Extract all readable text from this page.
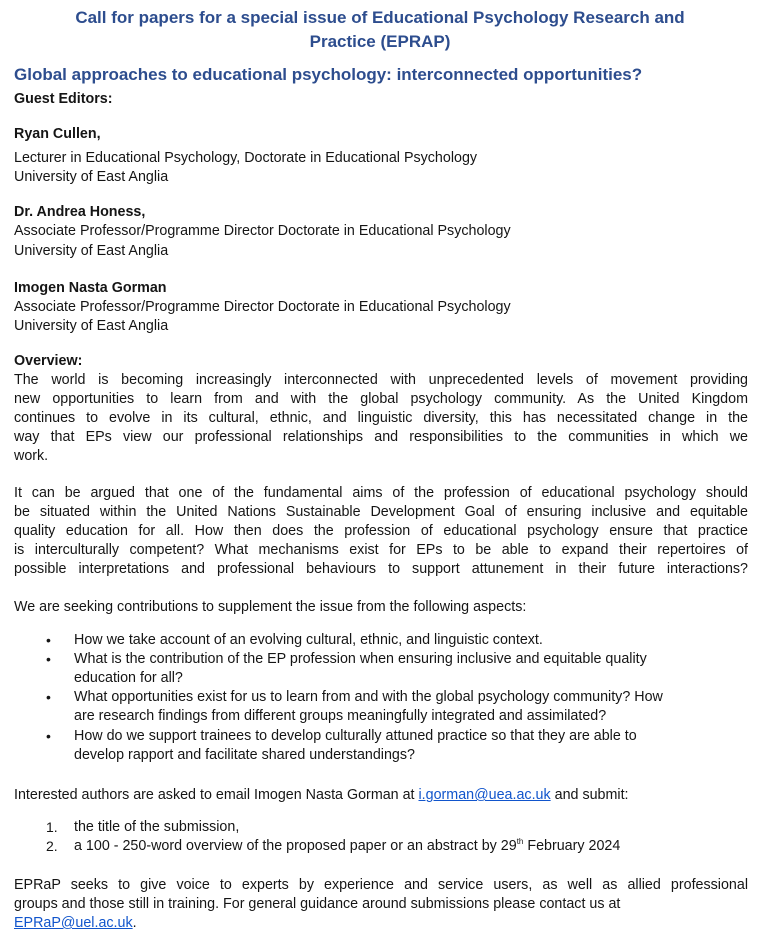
Call for papers for a special issue of Educational Psychology Research and
Practice (EPRAP)
Global approaches to educational psychology: interconnected opportunities?
Guest Editors:
Ryan Cullen,
Lecturer in Educational Psychology, Doctorate in Educational Psychology
University of East Anglia
Dr. Andrea Honess,
Associate Professor/Programme Director Doctorate in Educational Psychology
University of East Anglia
Imogen Nasta Gorman
Associate Professor/Programme Director Doctorate in Educational Psychology
University of East Anglia
Overview:
The world is becoming increasingly interconnected with unprecedented levels of movement providing
new opportunities to learn from and with the global psychology community. As the United Kingdom
continues to evolve in its cultural, ethnic, and linguistic diversity, this has necessitated change in the
way that EPs view our professional relationships and responsibilities to the communities in which we
work.
It can be argued that one of the fundamental aims of the profession of educational psychology should
be situated within the United Nations Sustainable Development Goal of ensuring inclusive and equitable
quality education for all. How then does the profession of educational psychology ensure that practice
is interculturally competent? What mechanisms exist for EPs to be able to expand their repertoires of
possible interpretations and professional behaviours to support attunement in their future interactions?
We are seeking contributions to supplement the issue from the following aspects:
• How we take account of an evolving cultural, ethnic, and linguistic context.
• What is the contribution of the EP profession when ensuring inclusive and equitable quality
education for all?
• What opportunities exist for us to learn from and with the global psychology community? How
are research findings from different groups meaningfully integrated and assimilated?
• How do we support trainees to develop culturally attuned practice so that they are able to
develop rapport and facilitate shared understandings?
Interested authors are asked to email Imogen Nasta Gorman at i.gorman@uea.ac.uk and submit:
1. the title of the submission,
2. a 100 - 250-word overview of the proposed paper or an abstract by 29th February 2024
EPRaP seeks to give voice to experts by experience and service users, as well as allied professional
groups and those still in training. For general guidance around submissions please contact us at
EPRaP@uel.ac.uk.
